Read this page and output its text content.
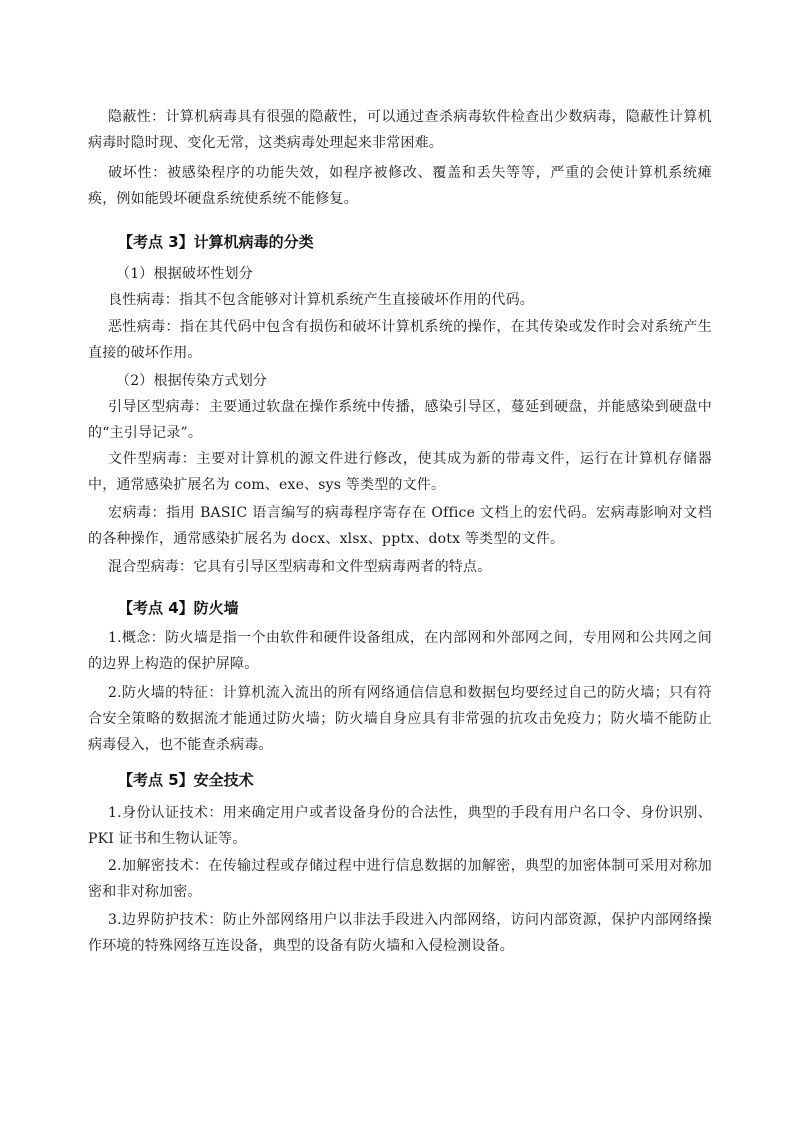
隐蔽性：计算机病毒具有很强的隐蔽性，可以通过查杀病毒软件检查出少数病毒，隐蔽性计算机病毒时隐时现、变化无常，这类病毒处理起来非常困难。

破坏性：被感染程序的功能失效，如程序被修改、覆盖和丢失等等，严重的会使计算机系统瘫痪，例如能毁坏硬盘系统使系统不能修复。

【考点 3】计算机病毒的分类

（1）根据破坏性划分

良性病毒：指其不包含能够对计算机系统产生直接破坏作用的代码。

恶性病毒：指在其代码中包含有损伤和破坏计算机系统的操作，在其传染或发作时会对系统产生直接的破坏作用。

（2）根据传染方式划分

引导区型病毒：主要通过软盘在操作系统中传播，感染引导区，蔓延到硬盘，并能感染到硬盘中的“主引导记录”。

文件型病毒：主要对计算机的源文件进行修改，使其成为新的带毒文件，运行在计算机存储器中，通常感染扩展名为 com、exe、sys 等类型的文件。

宏病毒：指用 BASIC 语言编写的病毒程序寄存在 Office 文档上的宏代码。宏病毒影响对文档的各种操作，通常感染扩展名为 docx、xlsx、pptx、dotx 等类型的文件。

混合型病毒：它具有引导区型病毒和文件型病毒两者的特点。

【考点 4】防火墙

1.概念：防火墙是指一个由软件和硬件设备组成，在内部网和外部网之间，专用网和公共网之间的边界上构造的保护屏障。

2.防火墙的特征：计算机流入流出的所有网络通信信息和数据包均要经过自己的防火墙；只有符合安全策略的数据流才能通过防火墙；防火墙自身应具有非常强的抗攻击免疫力；防火墙不能防止病毒侵入，也不能查杀病毒。

【考点 5】安全技术

1.身份认证技术：用来确定用户或者设备身份的合法性，典型的手段有用户名口令、身份识别、PKI 证书和生物认证等。

2.加解密技术：在传输过程或存储过程中进行信息数据的加解密，典型的加密体制可采用对称加密和非对称加密。

3.边界防护技术：防止外部网络用户以非法手段进入内部网络，访问内部资源，保护内部网络操作环境的特殊网络互连设备，典型的设备有防火墙和入侵检测设备。
